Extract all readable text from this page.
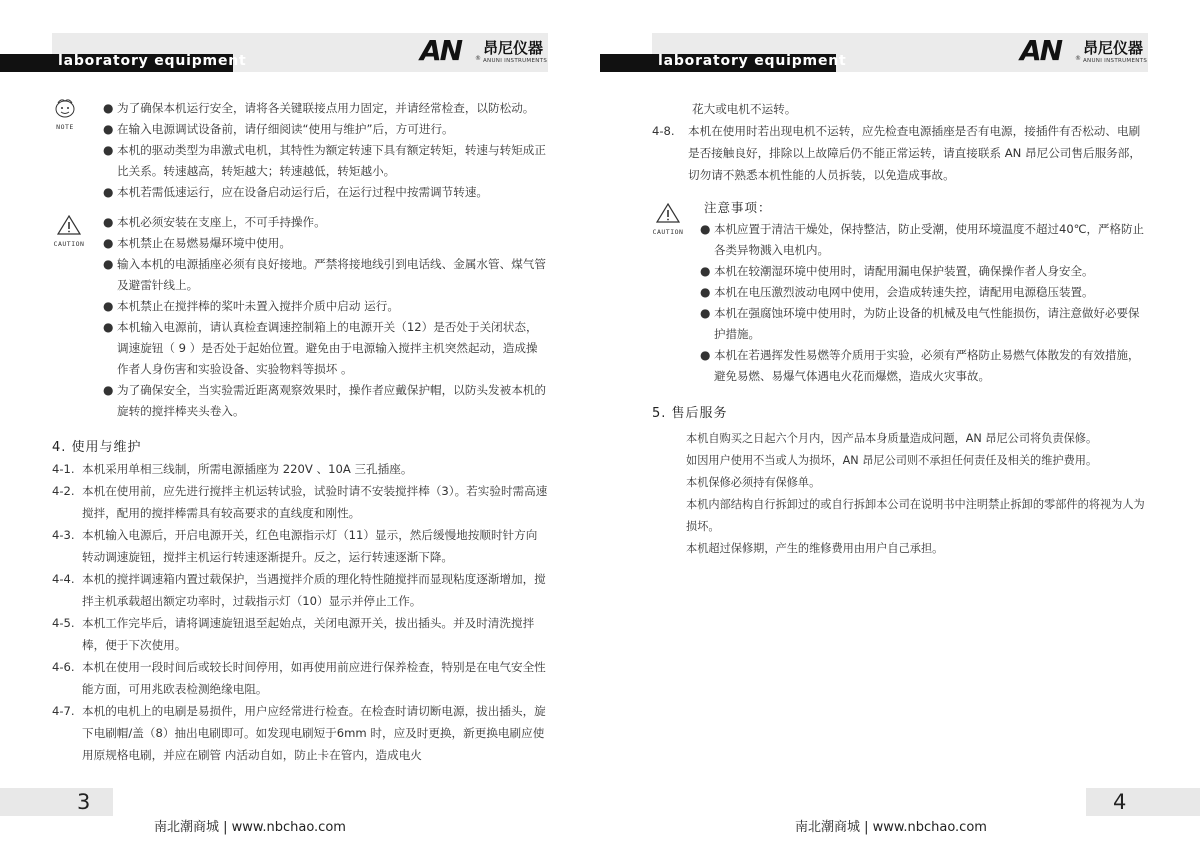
laboratory equipment	AN ®
昂尼仪器
ANUNI INSTRUMENTS
NOTE
● 为了确保本机运行安全，请将各关键联接点用力固定，并请经常检查，以防松动。
● 在输入电源调试设备前，请仔细阅读“使用与维护”后，方可进行。
● 本机的驱动类型为串激式电机，其特性为额定转速下具有额定转矩，转速与转矩成正比关系。转速越高，转矩越大；转速越低，转矩越小。
● 本机若需低速运行，应在设备启动运行后，在运行过程中按需调节转速。
CAUTION
● 本机必须安装在支座上，不可手持操作。
● 本机禁止在易燃易爆环境中使用。
● 输入本机的电源插座必须有良好接地。严禁将接地线引到电话线、金属水管、煤气管及避雷针线上。
● 本机禁止在搅拌棒的桨叶未置入搅拌介质中启动 运行。
● 本机输入电源前，请认真检查调速控制箱上的电源开关（12）是否处于关闭状态，调速旋钮（ 9 ）是否处于起始位置。避免由于电源输入搅拌主机突然起动，造成操作者人身伤害和实验设备、实验物料等损坏 。
● 为了确保安全，当实验需近距离观察效果时，操作者应戴保护帽，以防头发被本机的旋转的搅拌棒夹头卷入。
4. 使用与维护
4-1. 本机采用单相三线制，所需电源插座为 220V 、10A 三孔插座。
4-2. 本机在使用前，应先进行搅拌主机运转试验，试验时请不安装搅拌棒（3）。若实验时需高速搅拌，配用的搅拌棒需具有较高要求的直线度和刚性。
4-3. 本机输入电源后，开启电源开关，红色电源指示灯（11）显示，然后缓慢地按顺时针方向转动调速旋钮，搅拌主机运行转速逐渐提升。反之，运行转速逐渐下降。
4-4. 本机的搅拌调速箱内置过载保护，当遇搅拌介质的理化特性随搅拌而显现粘度逐渐增加，搅拌主机承载超出额定功率时，过载指示灯（10）显示并停止工作。
4-5. 本机工作完毕后，请将调速旋钮退至起始点，关闭电源开关，拔出插头。并及时清洗搅拌棒，便于下次使用。
4-6. 本机在使用一段时间后或较长时间停用，如再使用前应进行保养检查，特别是在电气安全性能方面，可用兆欧表检测绝缘电阻。
4-7. 本机的电机上的电刷是易损件，用户应经常进行检查。在检查时请切断电源，拔出插头，旋下电刷帽/盖（8）抽出电刷即可。如发现电刷短于6mm 时，应及时更换，新更换电刷应使用原规格电刷，并应在刷管 内活动自如，防止卡在管内，造成电火
3
南北潮商城 | www.nbchao.com
laboratory equipment	AN ®
昂尼仪器
ANUNI INSTRUMENTS
花大或电机不运转。
4-8.	本机在使用时若出现电机不运转，应先检查电源插座是否有电源，接插件有否松动、电刷是否接触良好，排除以上故障后仍不能正常运转，请直接联系 AN 昂尼公司售后服务部，切勿请不熟悉本机性能的人员拆装，以免造成事故。
CAUTION
注意事项：
● 本机应置于清洁干燥处，保持整洁，防止受潮，使用环境温度不超过40℃，严格防止各类异物溅入电机内。
● 本机在较潮湿环境中使用时，请配用漏电保护装置，确保操作者人身安全。
● 本机在电压激烈波动电网中使用，会造成转速失控，请配用电源稳压装置。
● 本机在强腐蚀环境中使用时，为防止设备的机械及电气性能损伤，请注意做好必要保护措施。
● 本机在若遇挥发性易燃等介质用于实验，必须有严格防止易燃气体散发的有效措施，避免易燃、易爆气体遇电火花而爆燃，造成火灾事故。
5. 售后服务
本机自购买之日起六个月内，因产品本身质量造成问题，AN 昂尼公司将负责保修。
如因用户使用不当或人为损坏，AN 昂尼公司则不承担任何责任及相关的维护费用。
本机保修必须持有保修单。
本机内部结构自行拆卸过的或自行拆卸本公司在说明书中注明禁止拆卸的零部件的将视为人为损坏。
本机超过保修期，产生的维修费用由用户自己承担。
4
南北潮商城 | www.nbchao.com
